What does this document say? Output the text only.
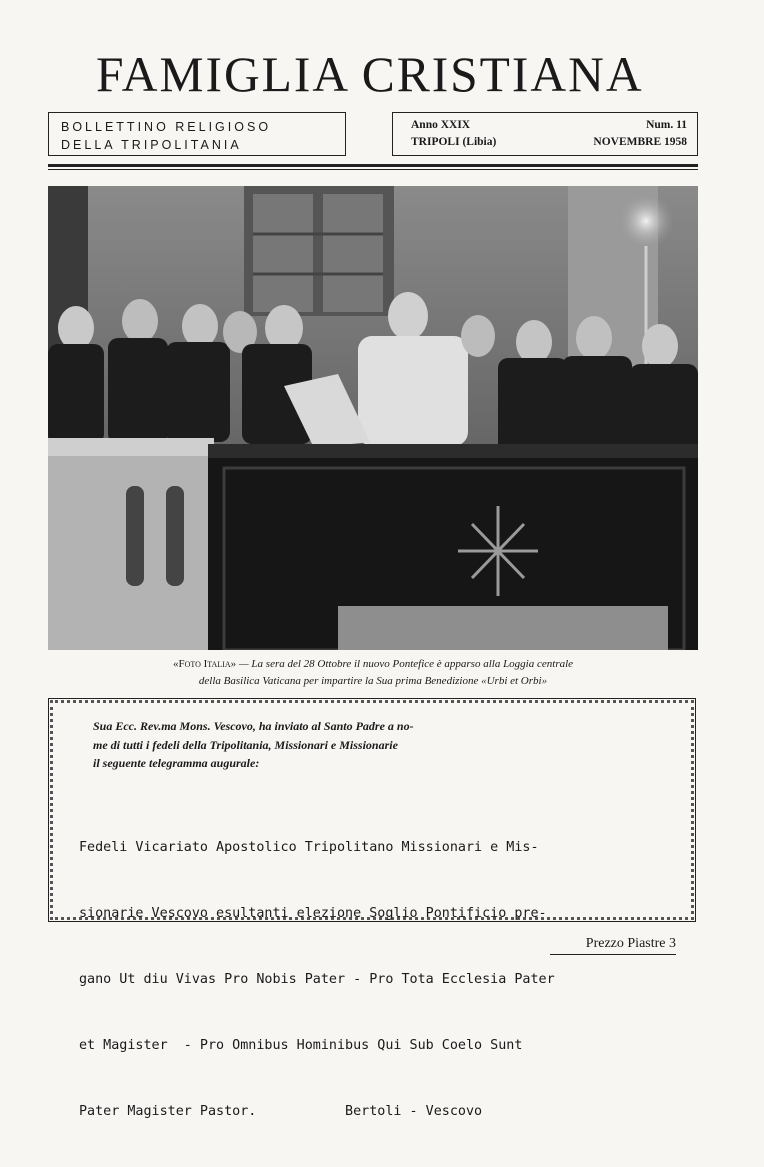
FAMIGLIA CRISTIANA
BOLLETTINO RELIGIOSO
DELLA TRIPOLITANIA
Anno XXIX	Num. 11
TRIPOLI (Libia)	NOVEMBRE 1958
«Foto Italia» — La sera del 28 Ottobre il nuovo Pontefice è apparso alla Loggia centrale
della Basilica Vaticana per impartire la Sua prima Benedizione «Urbi et Orbi»
Sua Ecc. Rev.ma Mons. Vescovo, ha inviato al Santo Padre a no-
me di tutti i fedeli della Tripolitania, Missionari e Missionarie
il seguente telegramma augurale:

Fedeli Vicariato Apostolico Tripolitano Missionari e Mis-

sionarie Vescovo esultanti elezione Soglio Pontificio pre-

gano Ut diu Vivas Pro Nobis Pater - Pro Tota Ecclesia Pater

et Magister  - Pro Omnibus Hominibus Qui Sub Coelo Sunt

Pater Magister Pastor.           Bertoli - Vescovo

Prezzo Piastre 3
